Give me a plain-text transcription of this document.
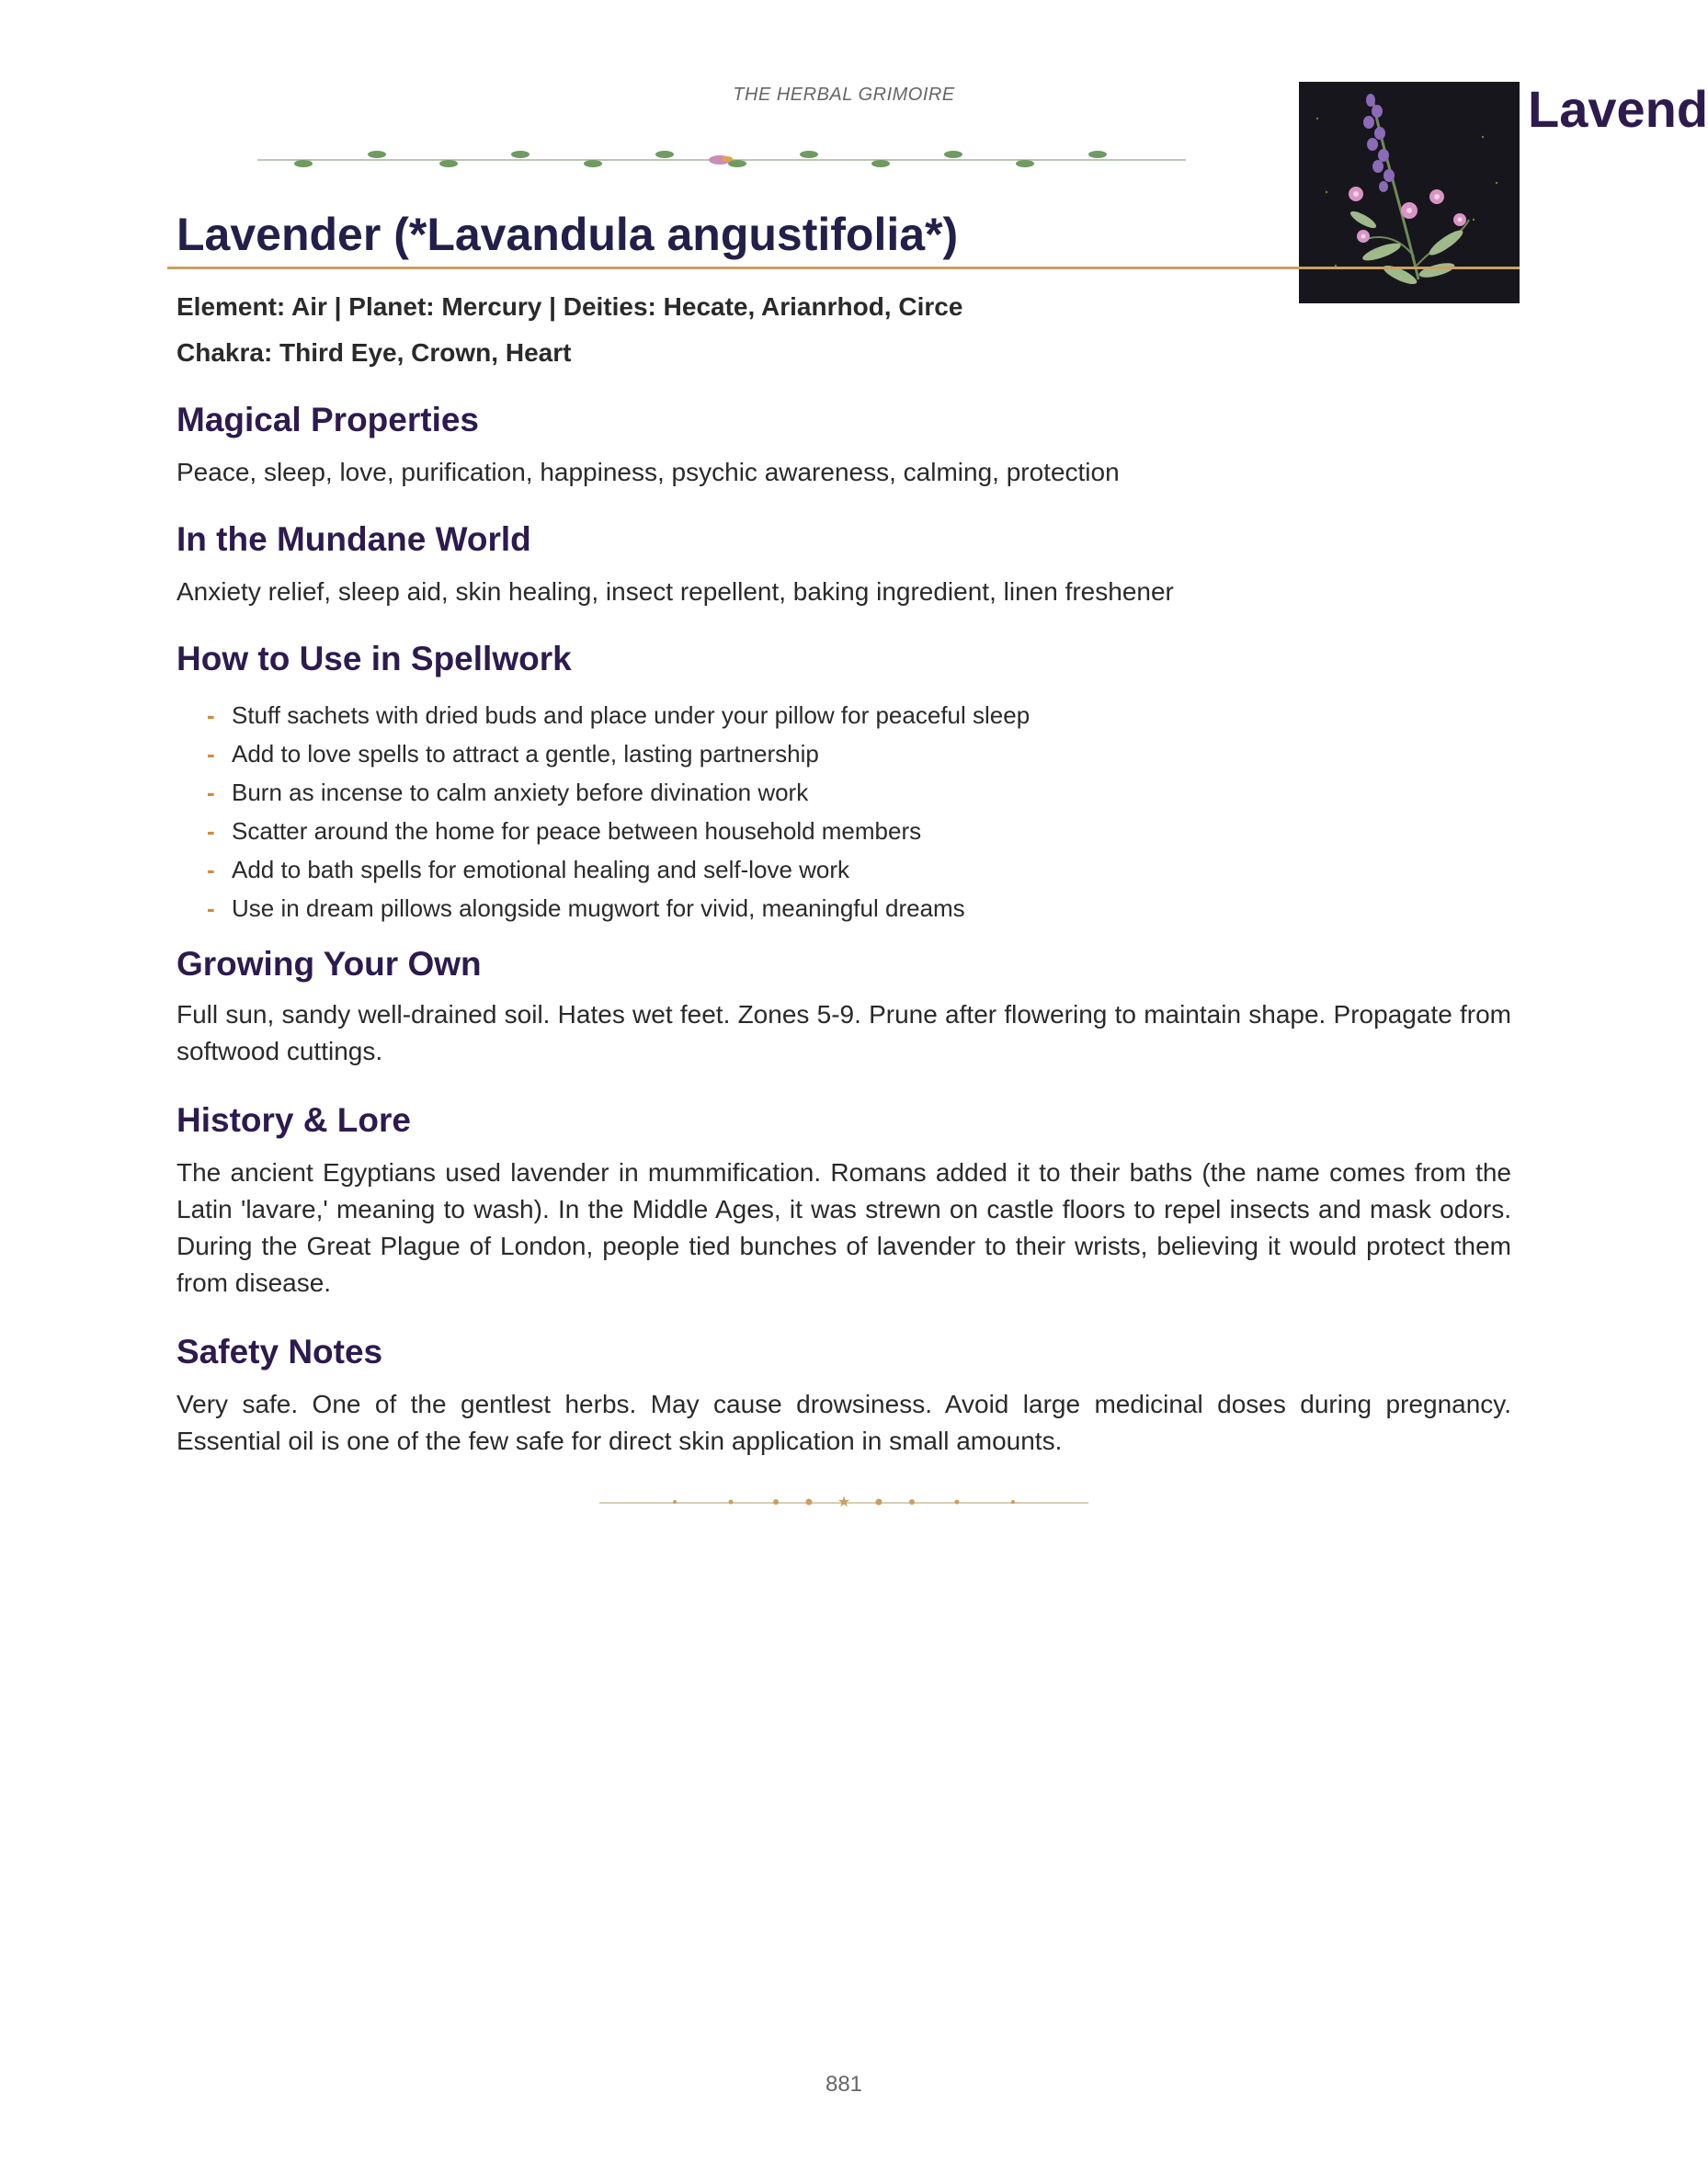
THE HERBAL GRIMOIRE	Lavend
Lavender (*Lavandula angustifolia*)
Element: Air | Planet: Mercury | Deities: Hecate, Arianrhod, Circe
Chakra: Third Eye, Crown, Heart
Magical Properties
Peace, sleep, love, purification, happiness, psychic awareness, calming, protection
In the Mundane World
Anxiety relief, sleep aid, skin healing, insect repellent, baking ingredient, linen freshener
How to Use in Spellwork
- Stuff sachets with dried buds and place under your pillow for peaceful sleep
- Add to love spells to attract a gentle, lasting partnership
- Burn as incense to calm anxiety before divination work
- Scatter around the home for peace between household members
- Add to bath spells for emotional healing and self-love work
- Use in dream pillows alongside mugwort for vivid, meaningful dreams
Growing Your Own
Full sun, sandy well-drained soil. Hates wet feet. Zones 5-9. Prune after flowering to maintain shape. Propagate from softwood cuttings.
History & Lore
The ancient Egyptians used lavender in mummification. Romans added it to their baths (the name comes from the Latin 'lavare,' meaning to wash). In the Middle Ages, it was strewn on castle floors to repel insects and mask odors. During the Great Plague of London, people tied bunches of lavender to their wrists, believing it would protect them from disease.
Safety Notes
Very safe. One of the gentlest herbs. May cause drowsiness. Avoid large medicinal doses during pregnancy. Essential oil is one of the few safe for direct skin application in small amounts.
★
881
